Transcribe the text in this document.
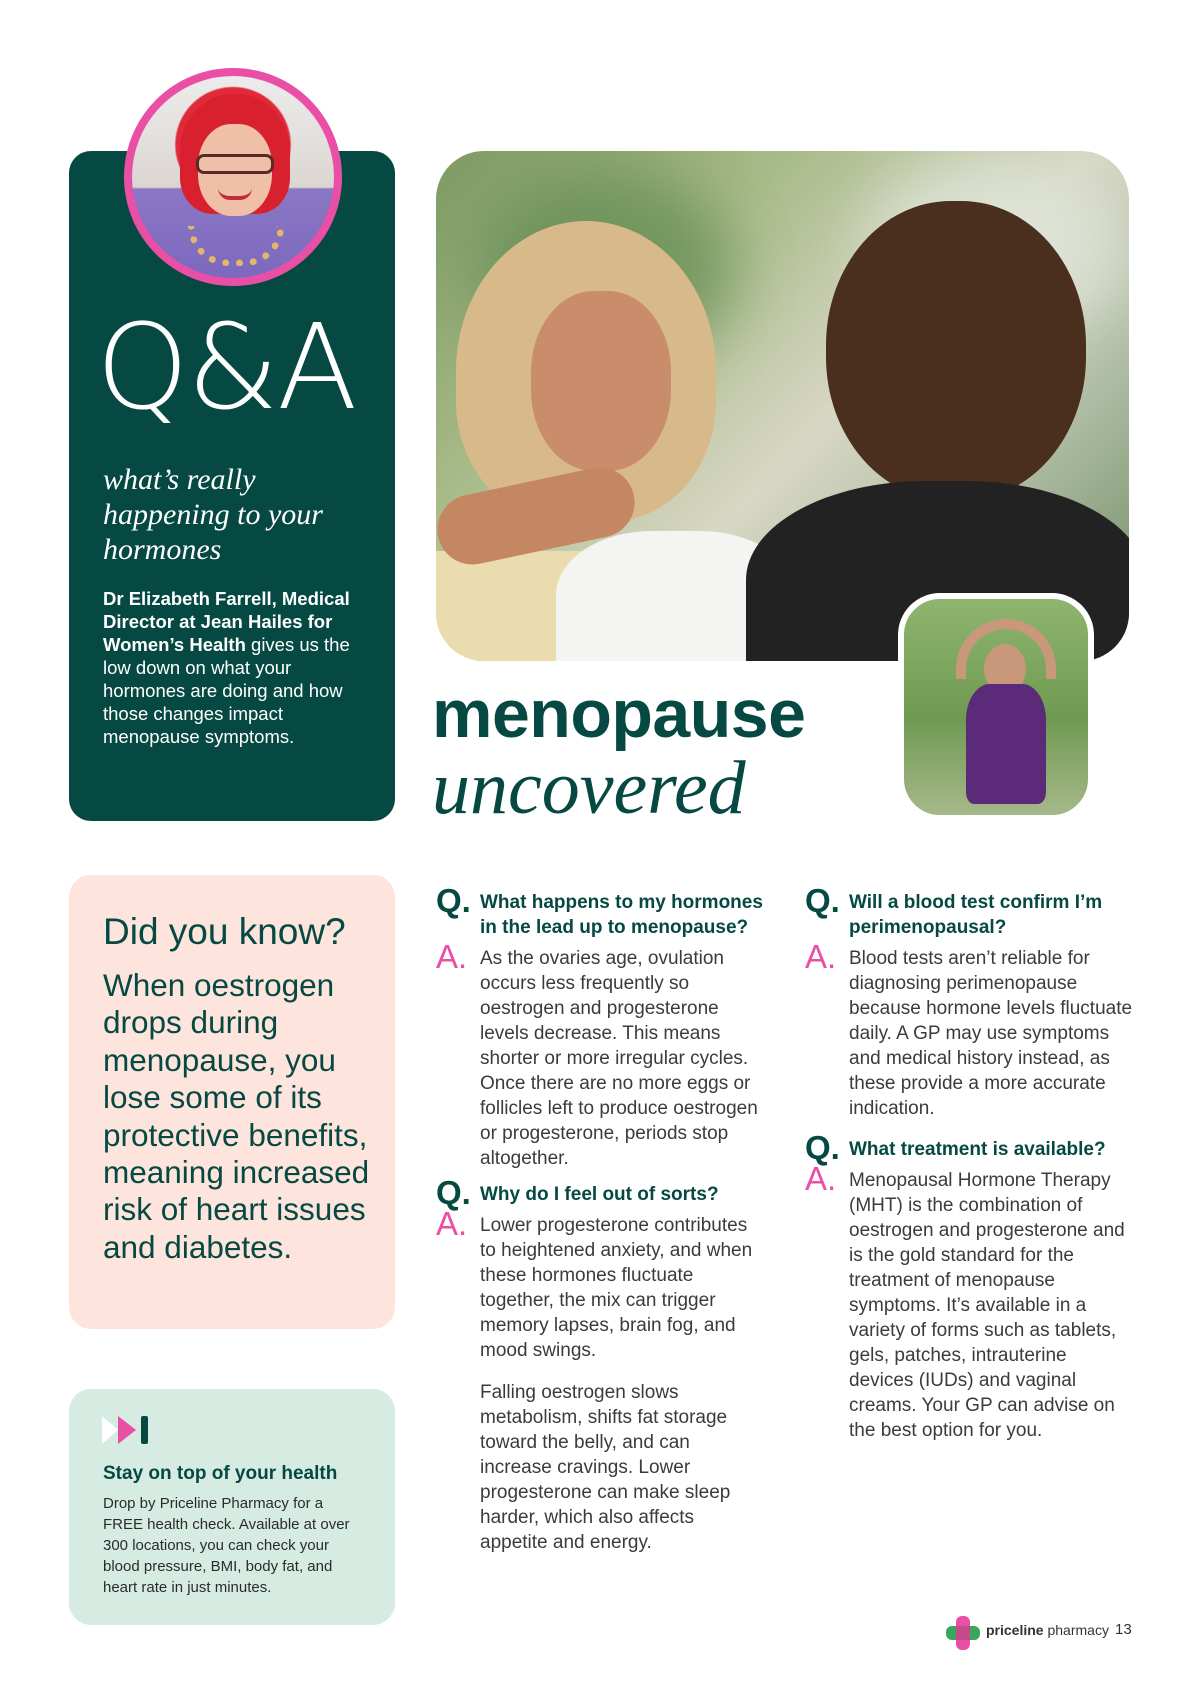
Q&A
what’s really happening to your hormones
Dr Elizabeth Farrell, Medical Director at Jean Hailes for Women’s Health gives us the low down on what your hormones are doing and how those changes impact menopause symptoms.	menopause
uncovered
Did you know?
When oestrogen drops during menopause, you lose some of its protective benefits, meaning increased risk of heart issues and diabetes.
Stay on top of your health
Drop by Priceline Pharmacy for a FREE health check. Available at over 300 locations, you can check your blood pressure, BMI, body fat, and heart rate in just minutes.
Q. What happens to my hormones in the lead up to menopause?
A. As the ovaries age, ovulation occurs less frequently so oestrogen and progesterone levels decrease. This means shorter or more irregular cycles. Once there are no more eggs or follicles left to produce oestrogen or progesterone, periods stop altogether.
Q. Why do I feel out of sorts?
A. Lower progesterone contributes to heightened anxiety, and when these hormones fluctuate together, the mix can trigger memory lapses, brain fog, and mood swings.
Falling oestrogen slows metabolism, shifts fat storage toward the belly, and can increase cravings. Lower progesterone can make sleep harder, which also affects appetite and energy.
Q. Will a blood test confirm I’m perimenopausal?
A. Blood tests aren’t reliable for diagnosing perimenopause because hormone levels fluctuate daily. A GP may use symptoms and medical history instead, as these provide a more accurate indication.
Q. What treatment is available?
A. Menopausal Hormone Therapy (MHT) is the combination of oestrogen and progesterone and is the gold standard for the treatment of menopause symptoms. It’s available in a variety of forms such as tablets, gels, patches, intrauterine devices (IUDs) and vaginal creams. Your GP can advise on the best option for you.
priceline pharmacy 13
